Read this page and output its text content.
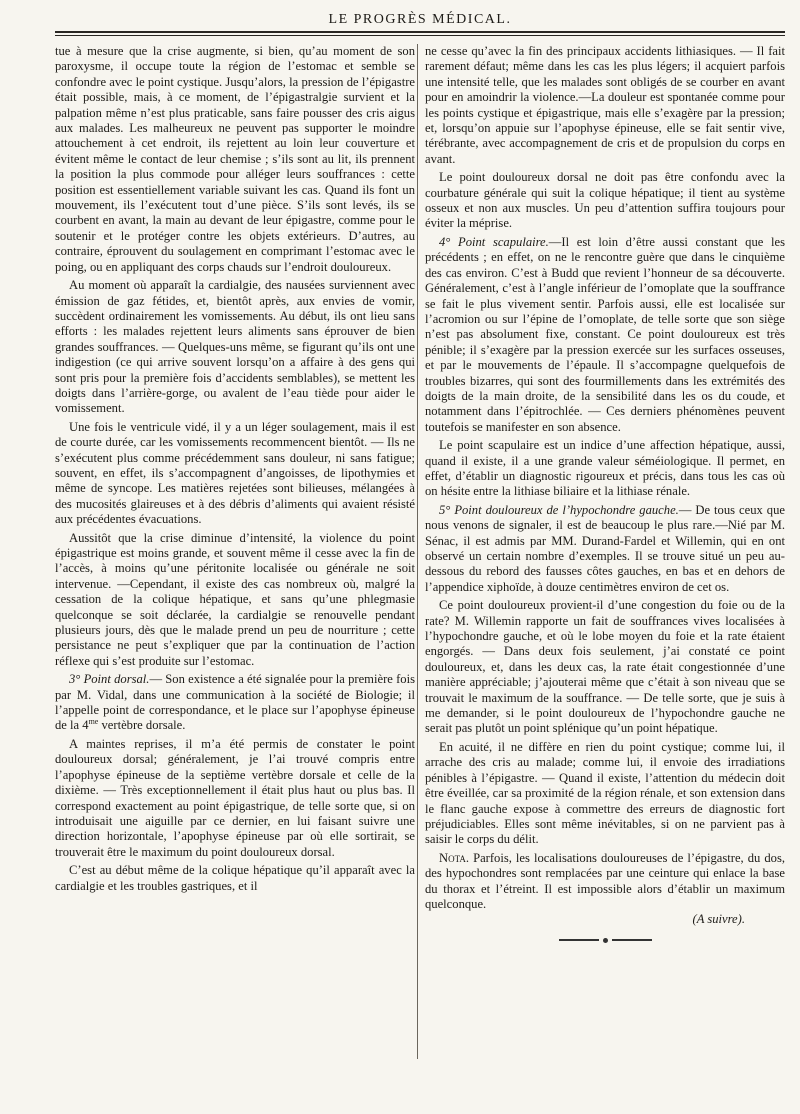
LE PROGRÈS MÉDICAL.

tue à mesure que la crise augmente, si bien, qu’au moment de son paroxysme, il occupe toute la région de l’estomac et semble se confondre avec le point cystique. Jusqu’alors, la pression de l’épigastre était possible, mais, à ce moment, de l’épigastralgie survient et la palpation même n’est plus praticable, sans faire pousser des cris aigus aux malades. Les malheureux ne peuvent pas supporter le moindre attouchement à cet endroit, ils rejettent au loin leur couverture et évitent même le contact de leur chemise ; s’ils sont au lit, ils prennent la position la plus commode pour alléger leurs souffrances : cette position est essentiellement variable suivant les cas. Quand ils font un mouvement, ils l’exécutent tout d’une pièce. S’ils sont levés, ils se courbent en avant, la main au devant de leur épigastre, comme pour le soutenir et le protéger contre les objets extérieurs. D’autres, au contraire, éprouvent du soulagement en comprimant l’estomac avec le poing, ou en appliquant des corps chauds sur l’endroit douloureux.

Au moment où apparaît la cardialgie, des nausées surviennent avec émission de gaz fétides, et, bientôt après, aux envies de vomir, succèdent ordinairement les vomissements. Au début, ils ont lieu sans efforts : les malades rejettent leurs aliments sans éprouver de bien grandes souffrances. — Quelques-uns même, se figurant qu’ils ont une indigestion (ce qui arrive souvent lorsqu’on a affaire à des gens qui sont pris pour la première fois d’accidents semblables), se mettent les doigts dans l’arrière-gorge, ou avalent de l’eau tiède pour aider le vomissement.

Une fois le ventricule vidé, il y a un léger soulagement, mais il est de courte durée, car les vomissements recommencent bientôt. — Ils ne s’exécutent plus comme précédemment sans douleur, ni sans fatigue; souvent, en effet, ils s’accompagnent d’angoisses, de lipothymies et même de syncope. Les matières rejetées sont bilieuses, mélangées à des mucosités glaireuses et à des débris d’aliments qui avaient résisté aux précédentes évacuations.

Aussitôt que la crise diminue d’intensité, la violence du point épigastrique est moins grande, et souvent même il cesse avec la fin de l’accès, à moins qu’une péritonite localisée ou générale ne soit intervenue. —Cependant, il existe des cas nombreux où, malgré la cessation de la colique hépatique, et sans qu’une phlegmasie quelconque se soit déclarée, la cardialgie se renouvelle pendant plusieurs jours, dès que le malade prend un peu de nourriture ; cette persistance ne peut s’expliquer que par la continuation de l’action réflexe qui s’est produite sur l’estomac.

3° Point dorsal.— Son existence a été signalée pour la première fois par M. Vidal, dans une communication à la société de Biologie; il l’appelle point de correspondance, et le place sur l’apophyse épineuse de la $4^{me}$ vertèbre dorsale.

A maintes reprises, il m’a été permis de constater le point douloureux dorsal; généralement, je l’ai trouvé compris entre l’apophyse épineuse de la septième vertèbre dorsale et celle de la dixième. — Très exceptionnellement il était plus haut ou plus bas. Il correspond exactement au point épigastrique, de telle sorte que, si on introduisait une aiguille par ce dernier, en lui faisant suivre une direction horizontale, l’apophyse épineuse par où elle sortirait, se trouverait être le maximum du point douloureux dorsal.

C’est au début même de la colique hépatique qu’il apparaît avec la cardialgie et les troubles gastriques, et il

ne cesse qu’avec la fin des principaux accidents lithiasiques. — Il fait rarement défaut; même dans les cas les plus légers; il acquiert parfois une intensité telle, que les malades sont obligés de se courber en avant pour en amoindrir la violence.—La douleur est spontanée comme pour les points cystique et épigastrique, mais elle s’exagère par la pression; et, lorsqu’on appuie sur l’apophyse épineuse, elle se fait sentir vive, térébrante, avec accompagnement de cris et de propulsion du corps en avant.

Le point douloureux dorsal ne doit pas être confondu avec la courbature générale qui suit la colique hépatique; il tient au système osseux et non aux muscles. Un peu d’attention suffira toujours pour éviter la méprise.

4° Point scapulaire.—Il est loin d’être aussi constant que les précédents ; en effet, on ne le rencontre guère que dans le cinquième des cas environ. C’est à Budd que revient l’honneur de sa découverte. Généralement, c’est à l’angle inférieur de l’omoplate que la souffrance se fait le plus vivement sentir. Parfois aussi, elle est localisée sur l’acromion ou sur l’épine de l’omoplate, de telle sorte que son siège n’est pas absolument fixe, constant. Ce point douloureux est très pénible; il s’exagère par la pression exercée sur les surfaces osseuses, et par le mouvements de l’épaule. Il s’accompagne quelquefois de troubles bizarres, qui sont des fourmillements dans les extrémités des doigts de la main droite, de la sensibilité dans les os du coude, et notamment dans l’épitrochlée. — Ces derniers phénomènes peuvent toutefois se manifester en son absence.

Le point scapulaire est un indice d’une affection hépatique, aussi, quand il existe, il a une grande valeur séméiologique. Il permet, en effet, d’établir un diagnostic rigoureux et précis, dans tous les cas où on hésite entre la lithiase biliaire et la lithiase rénale.

5° Point douloureux de l’hypochondre gauche.— De tous ceux que nous venons de signaler, il est de beaucoup le plus rare.—Nié par M. Sénac, il est admis par MM. Durand-Fardel et Willemin, qui en ont observé un certain nombre d’exemples. Il se trouve situé un peu au-dessous du rebord des fausses côtes gauches, en bas et en dehors de l’appendice xiphoïde, à douze centimètres environ de cet os.

Ce point douloureux provient-il d’une congestion du foie ou de la rate? M. Willemin rapporte un fait de souffrances vives localisées à l’hypochondre gauche, et où le lobe moyen du foie et la rate étaient engorgés. — Dans deux fois seulement, j’ai constaté ce point douloureux, et, dans les deux cas, la rate était congestionnée d’une manière appréciable; j’ajouterai même que c’était à son niveau que se trouvait le maximum de la souffrance. — De telle sorte, que je suis à me demander, si le point douloureux de l’hypochondre gauche ne serait pas plutôt un point splénique qu’un point hépatique.

En acuité, il ne diffère en rien du point cystique; comme lui, il arrache des cris au malade; comme lui, il envoie des irradiations pénibles à l’épigastre. — Quand il existe, l’attention du médecin doit être éveillée, car sa proximité de la région rénale, et son extension dans le flanc gauche expose à commettre des erreurs de diagnostic fort préjudiciables. Elles sont même inévitables, si on ne parvient pas à saisir le corps du délit.

Nota. Parfois, les localisations douloureuses de l’épigastre, du dos, des hypochondres sont remplacées par une ceinture qui enlace la base du thorax et l’étreint. Il est impossible alors d’établir un maximum quelconque.

(A suivre).
